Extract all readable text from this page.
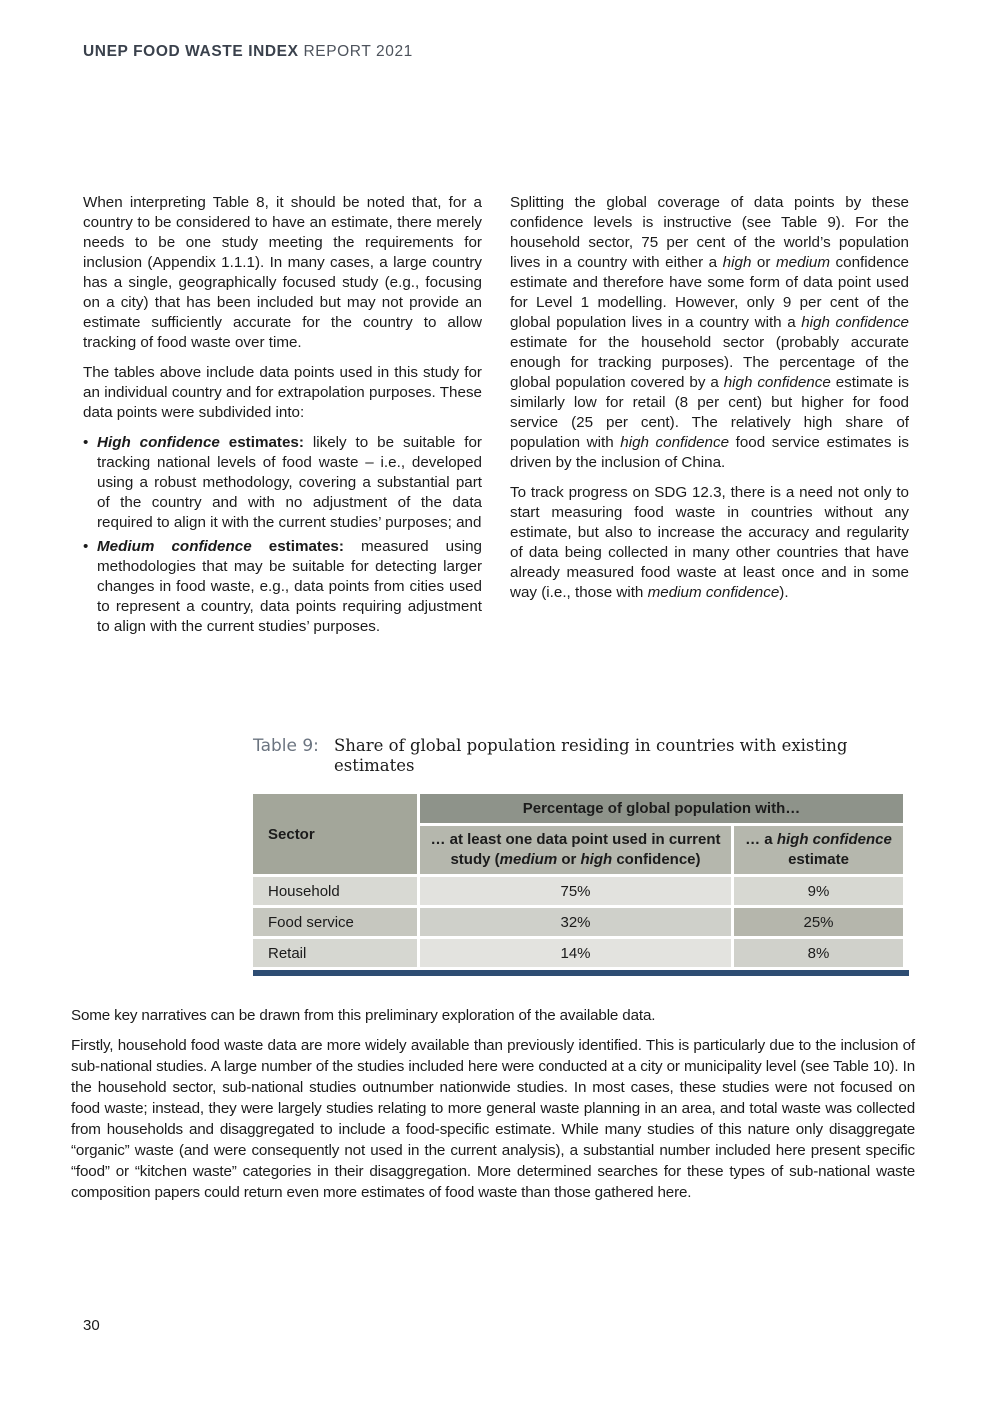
UNEP FOOD WASTE INDEX REPORT 2021

When interpreting Table 8, it should be noted that, for a country to be considered to have an estimate, there merely needs to be one study meeting the requirements for inclusion (Appendix 1.1.1). In many cases, a large country has a single, geographically focused study (e.g., focusing on a city) that has been included but may not provide an estimate sufficiently accurate for the country to allow tracking of food waste over time.

The tables above include data points used in this study for an individual country and for extrapolation purposes. These data points were subdivided into:

• High confidence estimates: likely to be suitable for tracking national levels of food waste – i.e., developed using a robust methodology, covering a substantial part of the country and with no adjustment of the data required to align it with the current studies’ purposes; and
• Medium confidence estimates: measured using methodologies that may be suitable for detecting larger changes in food waste, e.g., data points from cities used to represent a country, data points requiring adjustment to align with the current studies’ purposes.

Splitting the global coverage of data points by these confidence levels is instructive (see Table 9). For the household sector, 75 per cent of the world’s population lives in a country with either a high or medium confidence estimate and therefore have some form of data point used for Level 1 modelling. However, only 9 per cent of the global population lives in a country with a high confidence estimate for the household sector (probably accurate enough for tracking purposes). The percentage of the global population covered by a high confidence estimate is similarly low for retail (8 per cent) but higher for food service (25 per cent). The relatively high share of population with high confidence food service estimates is driven by the inclusion of China.

To track progress on SDG 12.3, there is a need not only to start measuring food waste in countries without any estimate, but also to increase the accuracy and regularity of data being collected in many other countries that have already measured food waste at least once and in some way (i.e., those with medium confidence).

Table 9: Share of global population residing in countries with existing estimates
Sector	Percentage of global population with…	
	… at least one data point used in current study (medium or high confidence)	… a high confidence
estimate
Household	75%	9%
Food service	32%	25%
Retail	14%	8%

Some key narratives can be drawn from this preliminary exploration of the available data.

Firstly, household food waste data are more widely available than previously identified. This is particularly due to the inclusion of sub-national studies. A large number of the studies included here were conducted at a city or municipality level (see Table 10). In the household sector, sub-national studies outnumber nationwide studies. In most cases, these studies were not focused on food waste; instead, they were largely studies relating to more general waste planning in an area, and total waste was collected from households and disaggregated to include a food-specific estimate. While many studies of this nature only disaggregate “organic” waste (and were consequently not used in the current analysis), a substantial number included here present specific “food” or “kitchen waste” categories in their disaggregation. More determined searches for these types of sub-national waste composition papers could return even more estimates of food waste than those gathered here.

30
